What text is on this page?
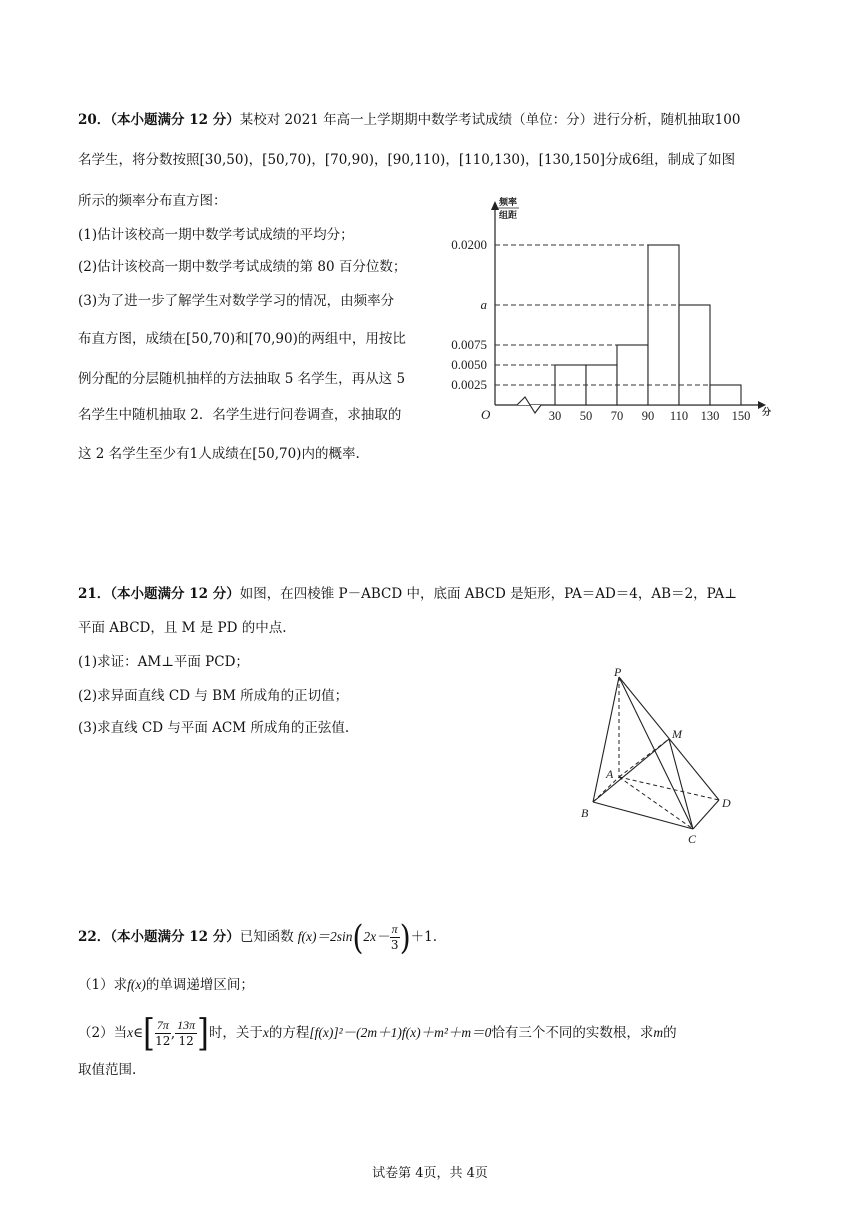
20．（本小题满分 12 分）某校对 2021 年高一上学期期中数学考试成绩（单位：分）进行分析，随机抽取100
名学生，将分数按照[30,50)，[50,70)，[70,90)，[90,110)，[110,130)，[130,150]分成6组，制成了如图
所示的频率分布直方图：
(1)估计该校高一期中数学考试成绩的平均分；
(2)估计该校高一期中数学考试成绩的第 80 百分位数；
(3)为了进一步了解学生对数学学习的情况，由频率分
布直方图，成绩在[50,70)和[70,90)的两组中，用按比
例分配的分层随机抽样的方法抽取 5 名学生，再从这 5
名学生中随机抽取 2．名学生进行问卷调查，求抽取的
这 2 名学生至少有1人成绩在[50,70)内的概率.
频率
组距
O
0.0200
a
0.0075
0.0050
0.0025
30 50 70 90 110 130 150 分
21．（本小题满分 12 分）如图，在四棱锥 P－ABCD 中，底面 ABCD 是矩形，PA＝AD＝4，AB＝2，PA⊥
平面 ABCD，且 M 是 PD 的中点.
(1)求证：AM⊥平面 PCD；
(2)求异面直线 CD 与 BM 所成角的正切值；
(3)求直线 CD 与平面 ACM 所成角的正弦值.
P
M
A
B
C
D
22．（本小题满分 12 分）已知函数 $f(x)=2\sin(2x- \frac{\pi}{3} )+1$.
（1）求f(x)的单调递增区间；
（2）当x∈[ $\frac{7\pi}{12}$ , $\frac{13\pi}{12}$ ]时，关于x的方程[f(x)]²－(2m＋1)f(x)＋m²＋m＝0恰有三个不同的实数根，求m的
取值范围.
试卷第 4页，共 4页
